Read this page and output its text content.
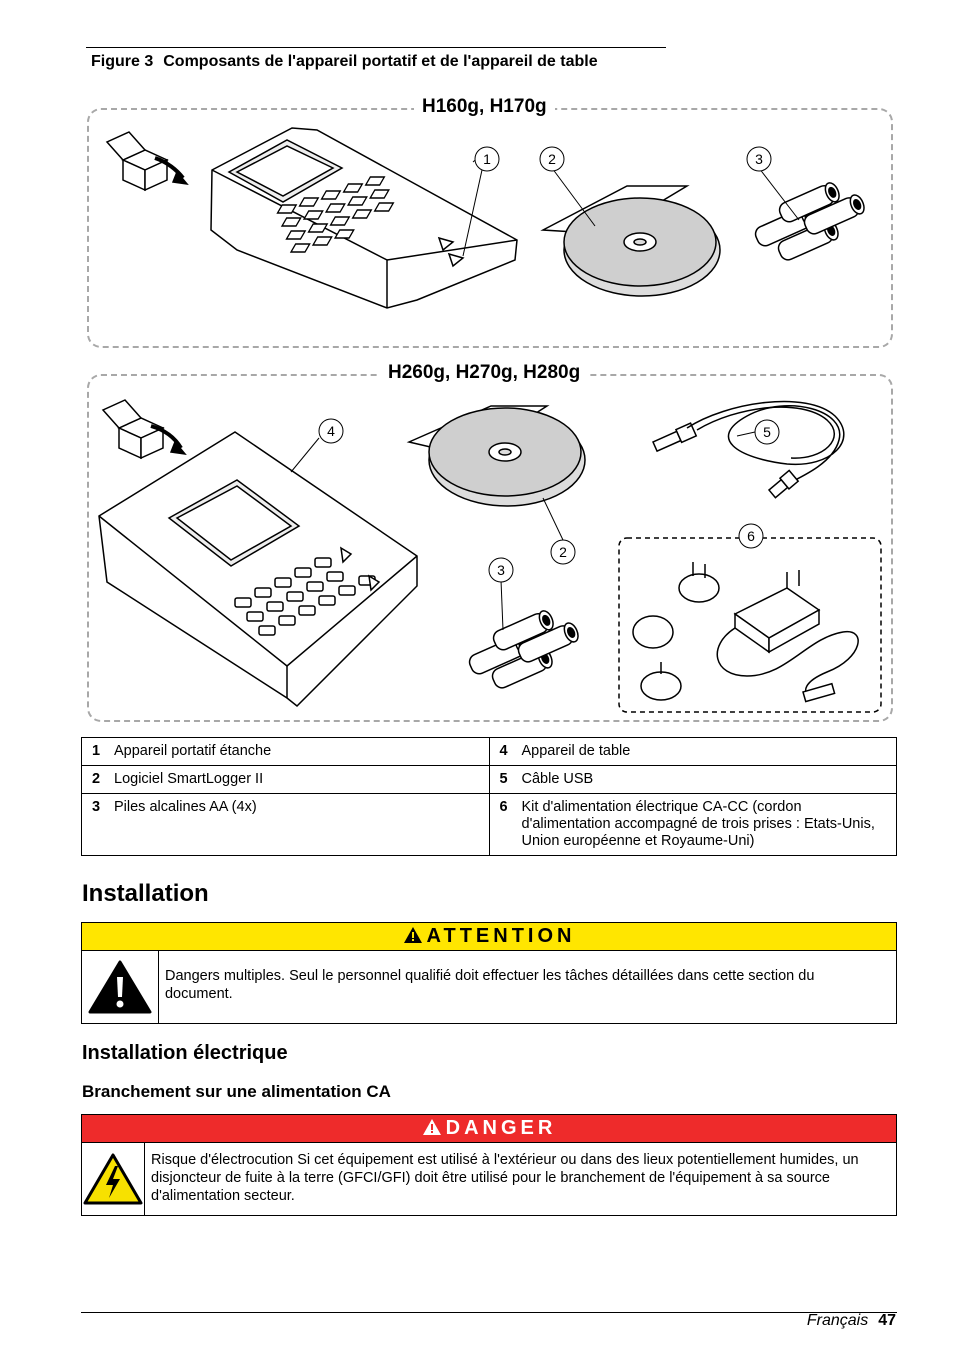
Figure 3 Composants de l'appareil portatif et de l'appareil de table
H160g, H170g
1	2	3
H260g, H270g, H280g
4	5
2
3
6
1 Appareil portatif étanche	4 Appareil de table
2 Logiciel SmartLogger II	5 Câble USB
3 Piles alcalines AA (4x)	6 Kit d'alimentation électrique CA-CC (cordon d'alimentation accompagné de trois prises : Etats-Unis, Union européenne et Royaume-Uni)
Installation
ATTENTION
Dangers multiples. Seul le personnel qualifié doit effectuer les tâches détaillées dans cette section du document.
Installation électrique
Branchement sur une alimentation CA
DANGER
Risque d'électrocution Si cet équipement est utilisé à l'extérieur ou dans des lieux potentiellement humides, un disjoncteur de fuite à la terre (GFCI/GFI) doit être utilisé pour le branchement de l'équipement à sa source d'alimentation secteur.
Français 47
